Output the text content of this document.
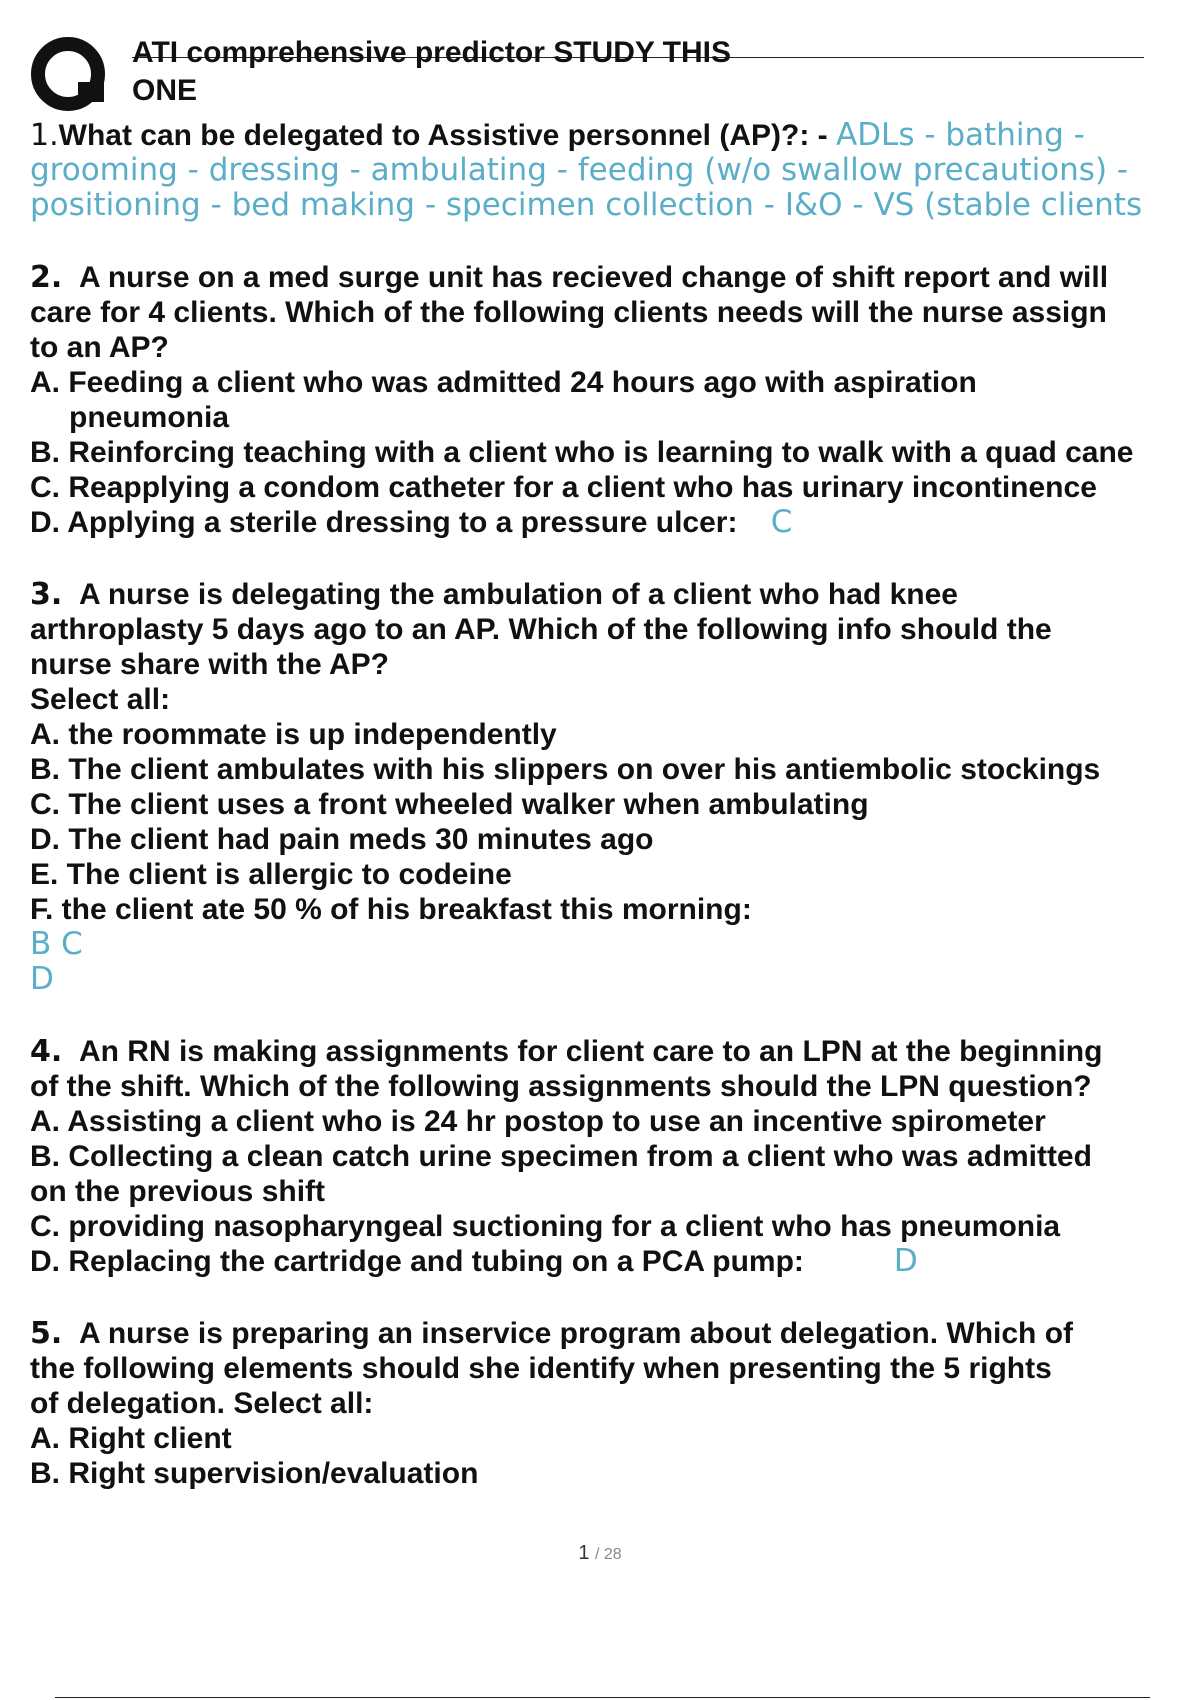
ATI comprehensive predictor STUDY THIS
ONE

1.What can be delegated to Assistive personnel (AP)?: - ADLs - bathing -

grooming - dressing - ambulating - feeding (w/o swallow precautions) -

positioning - bed making - specimen collection - I&O - VS (stable clients

2. A nurse on a med surge unit has recieved change of shift report and will

care for 4 clients. Which of the following clients needs will the nurse assign

to an AP?

A. Feeding a client who was admitted 24 hours ago with aspiration pneumonia

B. Reinforcing teaching with a client who is learning to walk with a quad cane

C. Reapplying a condom catheter for a client who has urinary incontinence

D. Applying a sterile dressing to a pressure ulcer: C

3. A nurse is delegating the ambulation of a client who had knee

arthroplasty 5 days ago to an AP. Which of the following info should the

nurse share with the AP?

Select all:

A. the roommate is up independently

B. The client ambulates with his slippers on over his antiembolic stockings

C. The client uses a front wheeled walker when ambulating

D. The client had pain meds 30 minutes ago

E. The client is allergic to codeine

F. the client ate 50 % of his breakfast this morning:

B C

D

4. An RN is making assignments for client care to an LPN at the beginning

of the shift. Which of the following assignments should the LPN question?

A. Assisting a client who is 24 hr postop to use an incentive spirometer

B. Collecting a clean catch urine specimen from a client who was admitted

on the previous shift

C. providing nasopharyngeal suctioning for a client who has pneumonia

D. Replacing the cartridge and tubing on a PCA pump:	D

5. A nurse is preparing an inservice program about delegation. Which of

the following elements should she identify when presenting the 5 rights

of delegation. Select all:

A. Right client

B. Right supervision/evaluation

1 / 28
